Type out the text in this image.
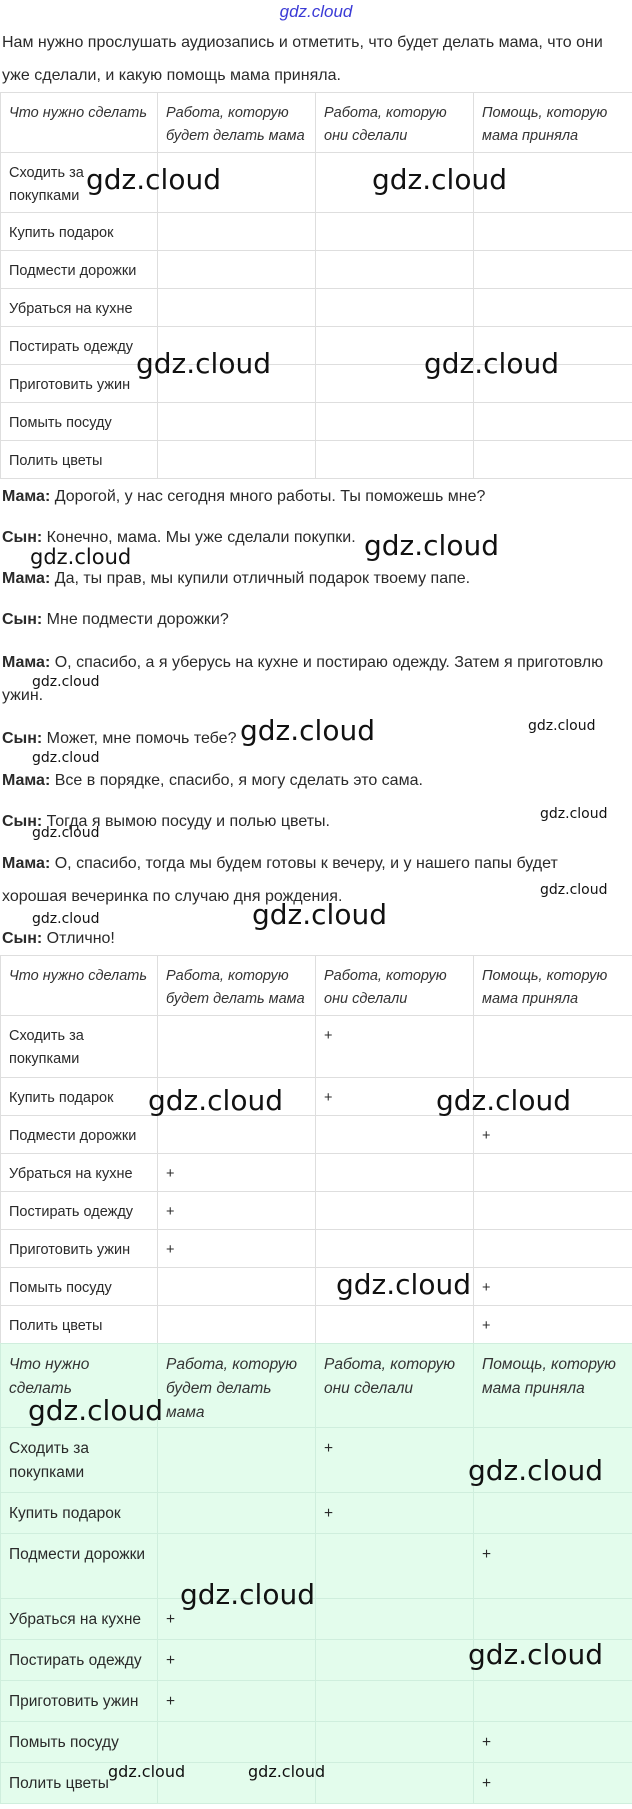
gdz.cloud

Нам нужно прослушать аудиозапись и отметить, что будет делать мама, что они уже сделали, и какую помощь мама приняла.

Что нужно сделать	Работа, которую будет делать мама	Работа, которую они сделали	Помощь, которую мама приняла
Сходить за покупками			
Купить подарок			
Подмести дорожки			
Убраться на кухне			
Постирать одежду			
Приготовить ужин			
Помыть посуду			
Полить цветы			

Мама: Дорогой, у нас сегодня много работы. Ты поможешь мне?

Сын: Конечно, мама. Мы уже сделали покупки.

Мама: Да, ты прав, мы купили отличный подарок твоему папе.

Сын: Мне подмести дорожки?

Мама: О, спасибо, а я уберусь на кухне и постираю одежду. Затем я приготовлю ужин.

Сын: Может, мне помочь тебе?

Мама: Все в порядке, спасибо, я могу сделать это сама.

Сын: Тогда я вымою посуду и полью цветы.

Мама: О, спасибо, тогда мы будем готовы к вечеру, и у нашего папы будет хорошая вечеринка по случаю дня рождения.

Сын: Отлично!

Что нужно сделать	Работа, которую будет делать мама	Работа, которую они сделали	Помощь, которую мама приняла
Сходить за покупками		+	
Купить подарок		+	
Подмести дорожки			+
Убраться на кухне	+		
Постирать одежду	+		
Приготовить ужин	+		
Помыть посуду			+
Полить цветы			+
Что нужно сделать	Работа, которую будет делать мама	Работа, которую они сделали	Помощь, которую мама приняла
Сходить за покупками		+	
Купить подарок		+	
Подмести дорожки			+
Убраться на кухне	+		
Постирать одежду	+		
Приготовить ужин	+		
Помыть посуду			+
Полить цветы			+
gdz.cloud	gdz.cloud
gdz.cloud	gdz.cloud
gdz.cloud
gdz.cloud
gdz.cloud
gdz.cloud	gdz.cloud
gdz.cloud
gdz.cloud
gdz.cloud
gdz.cloud
gdz.cloud	gdz.cloud
gdz.cloud	gdz.cloud
gdz.cloud
gdz.cloud
gdz.cloud
gdz.cloud
gdz.cloud
gdz.cloud	gdz.cloud
